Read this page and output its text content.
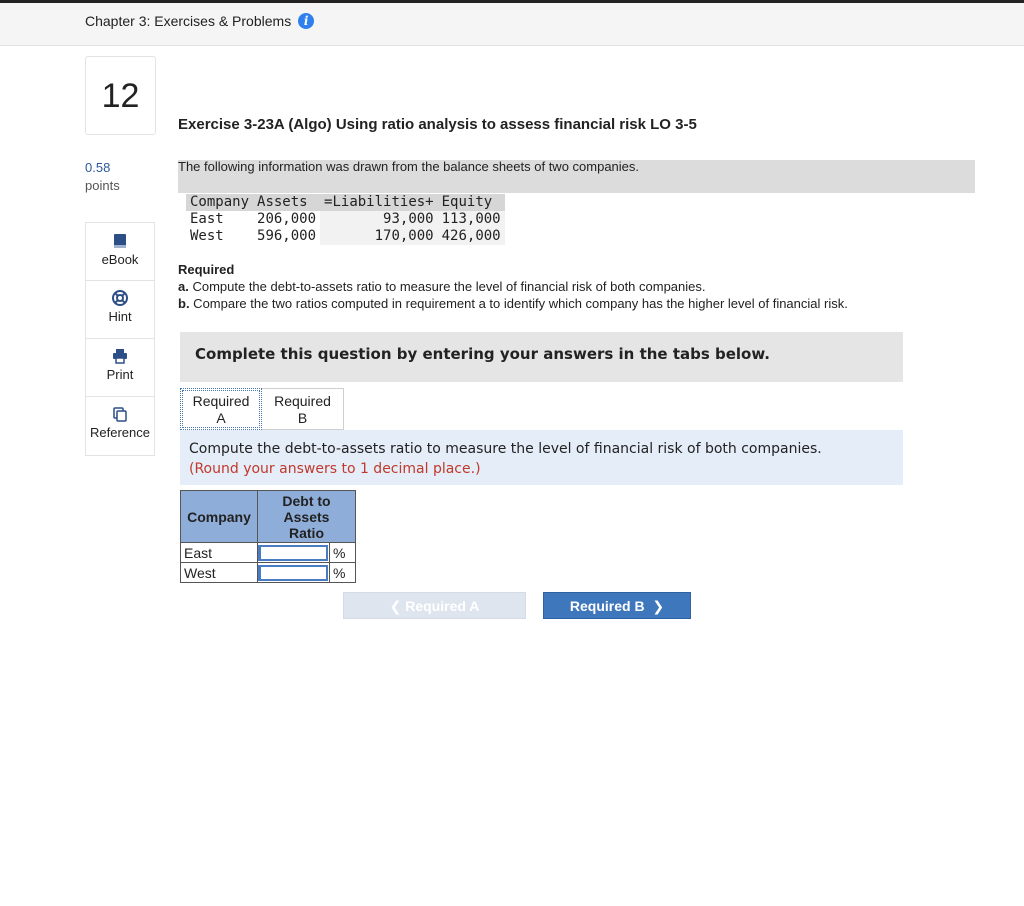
Chapter 3: Exercises & Problems	i
12
0.58
points
eBook
Hint
Print
Reference
Exercise 3-23A (Algo) Using ratio analysis to assess financial risk LO 3-5
The following information was drawn from the balance sheets of two companies.
Company	Assets	=Liabilities+	Equity
East	206,000	93,000	113,000
West	596,000	170,000	426,000
Required
a. Compute the debt-to-assets ratio to measure the level of financial risk of both companies.
b. Compare the two ratios computed in requirement a to identify which company has the higher level of financial risk.
Complete this question by entering your answers in the tabs below.
Required
A
Required
B
Compute the debt-to-assets ratio to measure the level of financial risk of both companies.
(Round your answers to 1 decimal place.)
Company	Debt to
Assets
Ratio	

East		%
West		%
❮ Required A	Required B  ❯
